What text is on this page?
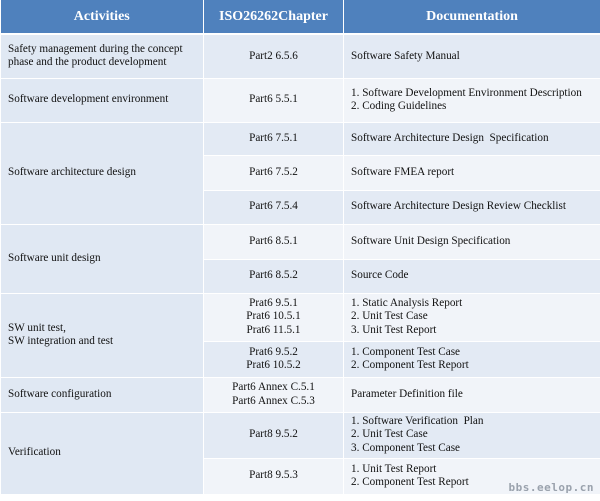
Activities	ISO26262Chapter	Documentation

Safety management during the concept
phase and the product development	Part2 6.5.6	Software Safety Manual

Software development environment	Part6 5.5.1	1. Software Development Environment Description
2. Coding Guidelines

Software architecture design	Part6 7.5.1	Software Architecture Design  Specification

	Part6 7.5.2	Software FMEA report

	Part6 7.5.4	Software Architecture Design Review Checklist

Software unit design	Part6 8.5.1	Software Unit Design Specification

	Part6 8.5.2	Source Code

SW unit test,
SW integration and test	Prat6 9.5.1
Prat6 10.5.1
Prat6 11.5.1	1. Static Analysis Report
2. Unit Test Case
3. Unit Test Report

	Prat6 9.5.2
Prat6 10.5.2	1. Component Test Case
2. Component Test Report

Software configuration	Part6 Annex C.5.1
Part6 Annex C.5.3	Parameter Definition file

Verification	Part8 9.5.2	1. Software Verification  Plan
2. Unit Test Case
3. Component Test Case

	Part8 9.5.3	1. Unit Test Report
2. Component Test Report	bbs.eelop.cn
